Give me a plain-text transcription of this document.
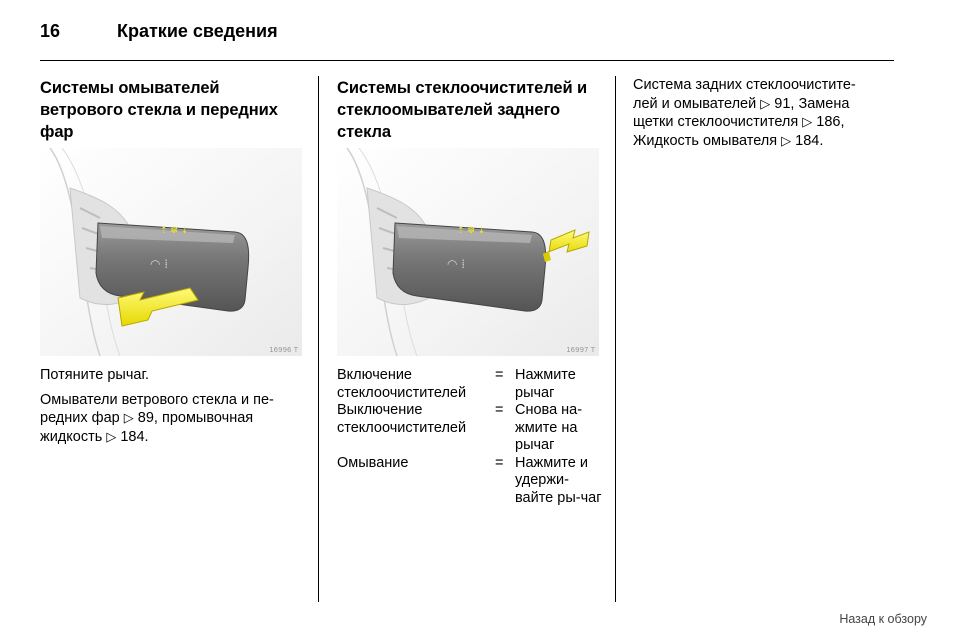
16	Краткие сведения
Системы омывателей ветрового стекла и передних фар
⇡ ✼ ⇣
◠ ⁞
16996 T

Потяните рычаг.

Омыватели ветрового стекла и пе-
редних фар ▷ 89, промывочная
жидкость ▷ 184.

Системы стеклоочистителей и стеклоомывателей заднего стекла
⇡ ✼ ⇣
◠ ⁞
16997 T
Включение стеклоочистителей	=	Нажмите рычаг
Выключение стеклоочистителей	=	Снова на-жмите на рычаг
Омывание	=	Нажмите и удержи-вайте ры-чаг

Система задних стеклоочистите-
лей и омывателей ▷ 91, Замена
щетки стеклоочистителя ▷ 186,
Жидкость омывателя ▷ 184.

Назад к обзору
